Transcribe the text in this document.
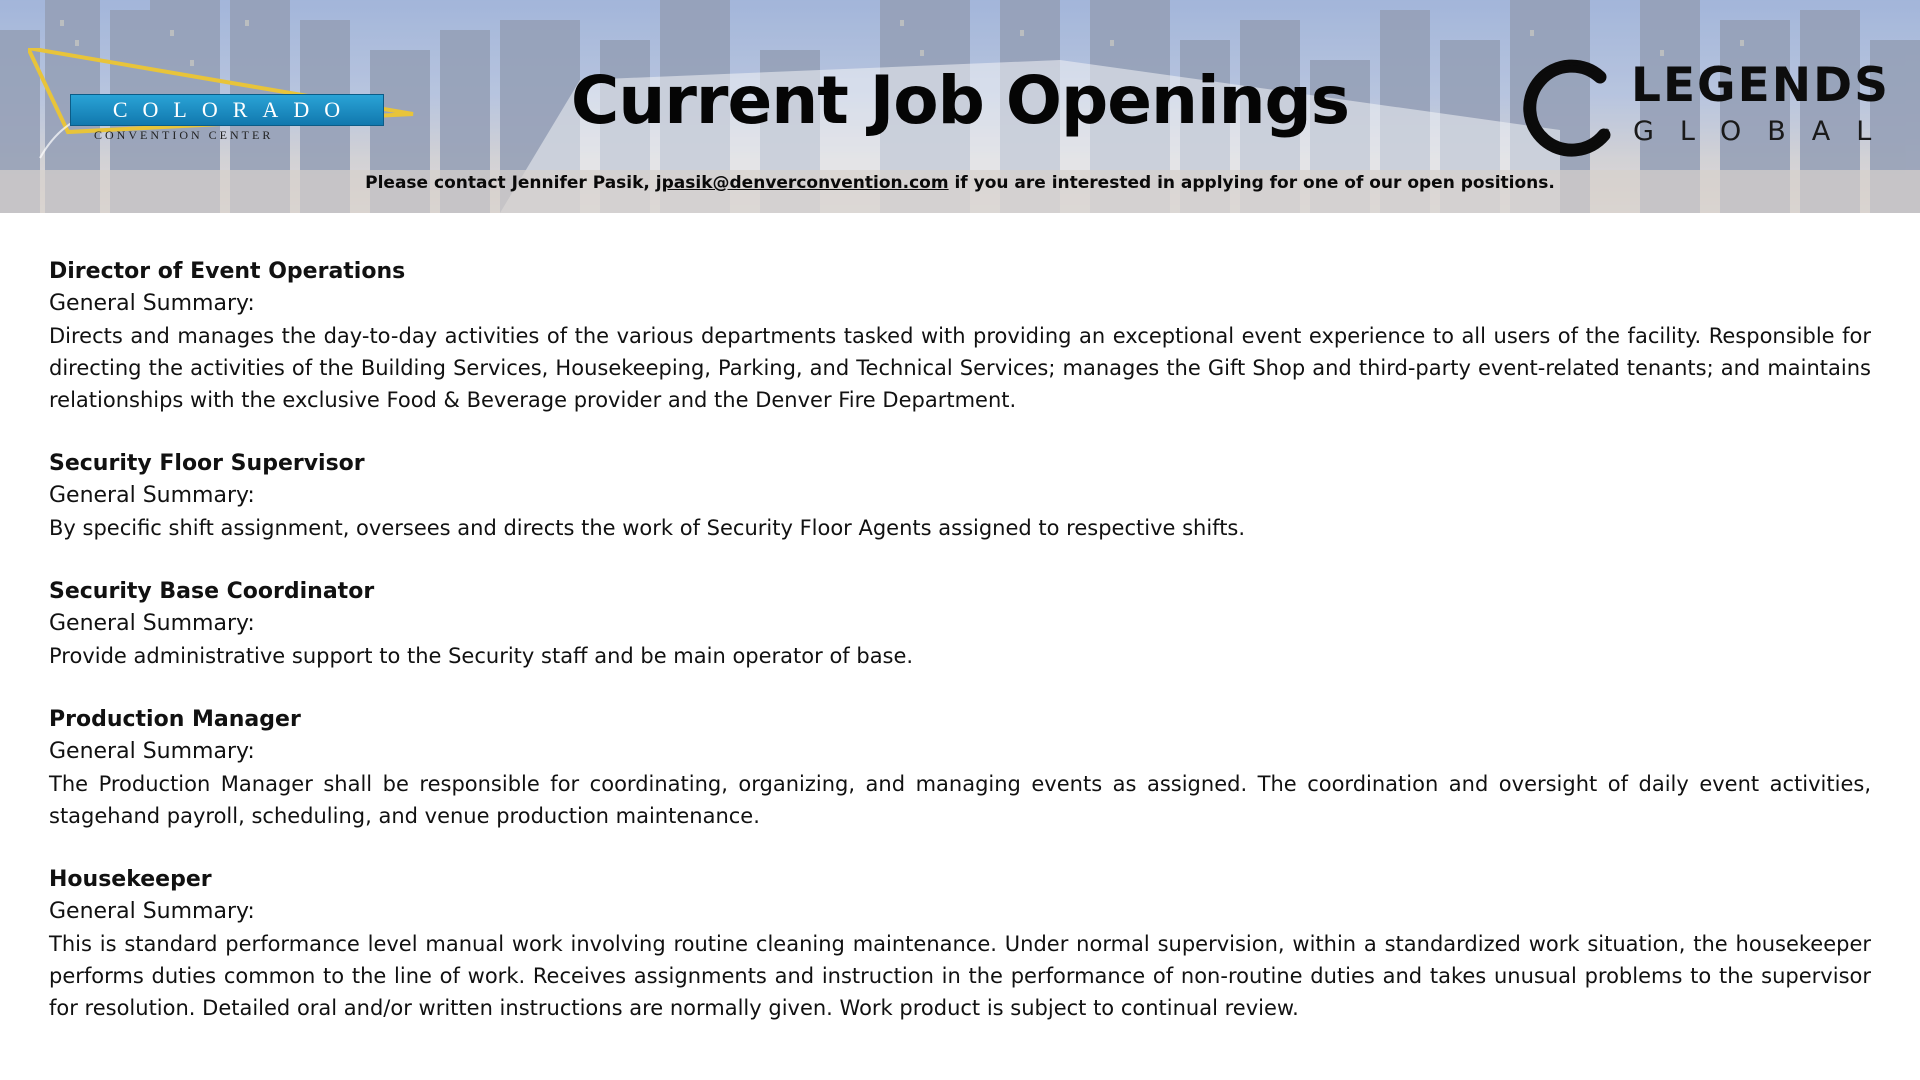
COLORADO
CONVENTION CENTER	Current Job Openings
Please contact Jennifer Pasik, jpasik@denverconvention.com if you are interested in applying for one of our open positions.
LEGENDS
GLOBAL

Director of Event Operations

General Summary:

Directs and manages the day-to-day activities of the various departments tasked with providing an exceptional event experience to all users of the facility. Responsible for directing the activities of the Building Services, Housekeeping, Parking, and Technical Services; manages the Gift Shop and third-party event-related tenants; and maintains relationships with the exclusive Food & Beverage provider and the Denver Fire Department.

Security Floor Supervisor

General Summary:

By specific shift assignment, oversees and directs the work of Security Floor Agents assigned to respective shifts.

Security Base Coordinator

General Summary:

Provide administrative support to the Security staff and be main operator of base.

Production Manager

General Summary:

The Production Manager shall be responsible for coordinating, organizing, and managing events as assigned. The coordination and oversight of daily event activities, stagehand payroll, scheduling, and venue production maintenance.

Housekeeper

General Summary:

This is standard performance level manual work involving routine cleaning maintenance. Under normal supervision, within a standardized work situation, the housekeeper performs duties common to the line of work. Receives assignments and instruction in the performance of non-routine duties and takes unusual problems to the supervisor for resolution. Detailed oral and/or written instructions are normally given. Work product is subject to continual review.
